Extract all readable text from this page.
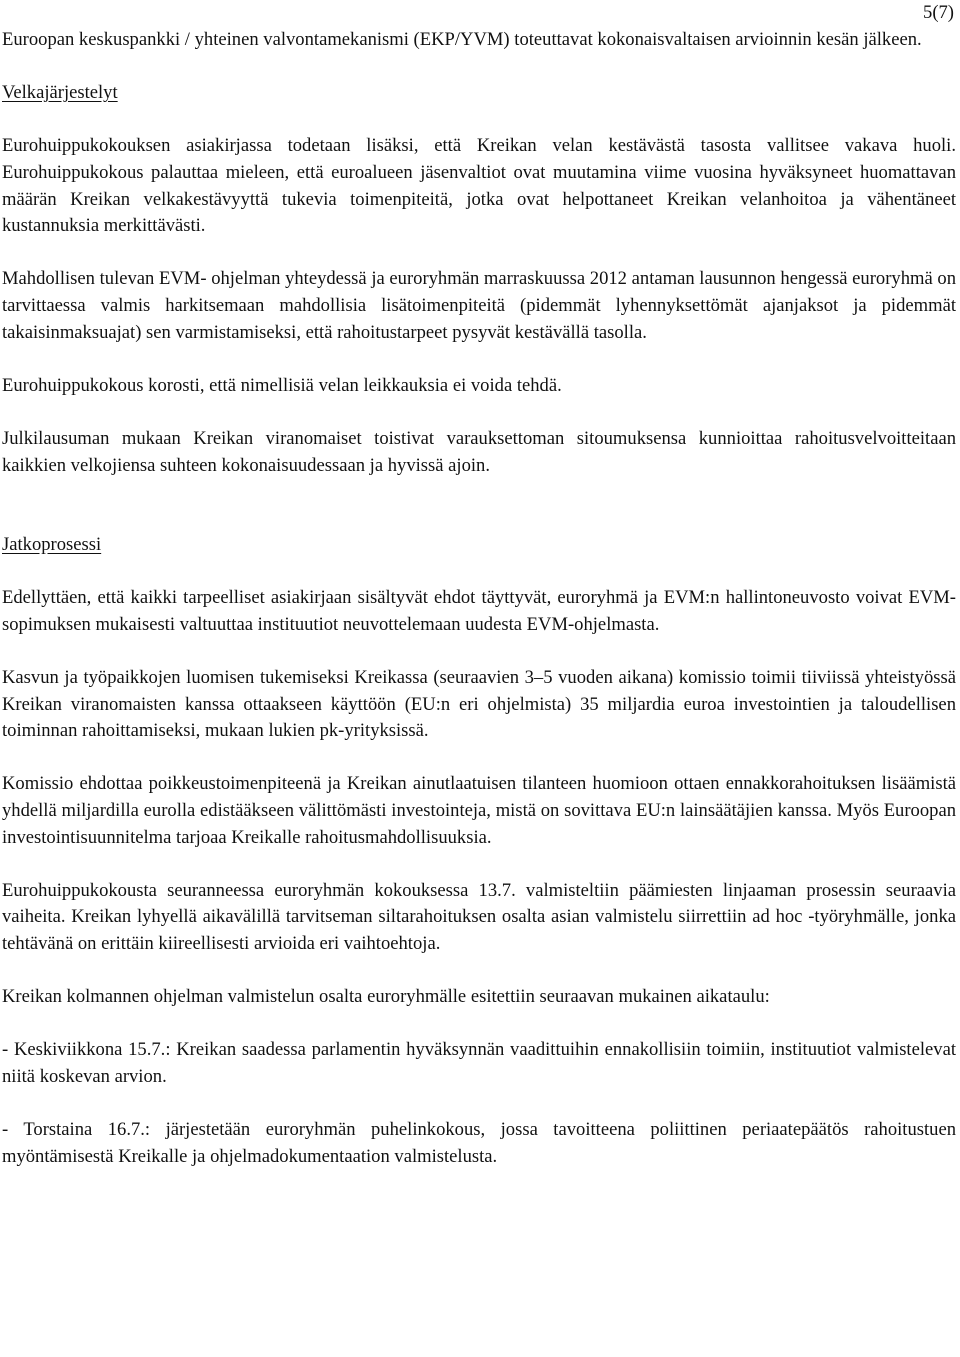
5(7)

Euroopan keskuspankki / yhteinen valvontamekanismi (EKP/YVM) toteuttavat kokonaisvaltaisen arvioinnin kesän jälkeen.

Velkajärjestelyt

Eurohuippukokouksen asiakirjassa todetaan lisäksi, että Kreikan velan kestävästä tasosta vallitsee vakava huoli. Eurohuippukokous palauttaa mieleen, että euroalueen jäsenvaltiot ovat muutamina viime vuosina hyväksyneet huomattavan määrän Kreikan velkakestävyyttä tukevia toimenpiteitä, jotka ovat helpottaneet Kreikan velanhoitoa ja vähentäneet kustannuksia merkittävästi.

Mahdollisen tulevan EVM- ohjelman yhteydessä ja euroryhmän marraskuussa 2012 antaman lausunnon hengessä euroryhmä on tarvittaessa valmis harkitsemaan mahdollisia lisätoimenpiteitä (pidemmät lyhennyksettömät ajanjaksot ja pidemmät takaisinmaksuajat) sen varmistamiseksi, että rahoitustarpeet pysyvät kestävällä tasolla.

Eurohuippukokous korosti, että nimellisiä velan leikkauksia ei voida tehdä.

Julkilausuman mukaan Kreikan viranomaiset toistivat varauksettoman sitoumuksensa kunnioittaa rahoitusvelvoitteitaan kaikkien velkojiensa suhteen kokonaisuudessaan ja hyvissä ajoin.

Jatkoprosessi

Edellyttäen, että kaikki tarpeelliset asiakirjaan sisältyvät ehdot täyttyvät, euroryhmä ja EVM:n hallintoneuvosto voivat EVM-sopimuksen mukaisesti valtuuttaa instituutiot neuvottelemaan uudesta EVM-ohjelmasta.

Kasvun ja työpaikkojen luomisen tukemiseksi Kreikassa (seuraavien 3–5 vuoden aikana) komissio toimii tiiviissä yhteistyössä Kreikan viranomaisten kanssa ottaakseen käyttöön (EU:n eri ohjelmista) 35 miljardia euroa investointien ja taloudellisen toiminnan rahoittamiseksi, mukaan lukien pk-yrityksissä.

Komissio ehdottaa poikkeustoimenpiteenä ja Kreikan ainutlaatuisen tilanteen huomioon ottaen ennakkorahoituksen lisäämistä yhdellä miljardilla eurolla edistääkseen välittömästi investointeja, mistä on sovittava EU:n lainsäätäjien kanssa. Myös Euroopan investointisuunnitelma tarjoaa Kreikalle rahoitusmahdollisuuksia.

Eurohuippukokousta seuranneessa euroryhmän kokouksessa 13.7. valmisteltiin päämiesten linjaaman prosessin seuraavia vaiheita. Kreikan lyhyellä aikavälillä tarvitseman siltarahoituksen osalta asian valmistelu siirrettiin ad hoc -työryhmälle, jonka tehtävänä on erittäin kiireellisesti arvioida eri vaihtoehtoja.

Kreikan kolmannen ohjelman valmistelun osalta euroryhmälle esitettiin seuraavan mukainen aikataulu:

- Keskiviikkona 15.7.: Kreikan saadessa parlamentin hyväksynnän vaadittuihin ennakollisiin toimiin, instituutiot valmistelevat niitä koskevan arvion.

- Torstaina 16.7.: järjestetään euroryhmän puhelinkokous, jossa tavoitteena poliittinen periaatepäätös rahoitustuen myöntämisestä Kreikalle ja ohjelmadokumentaation valmistelusta.
